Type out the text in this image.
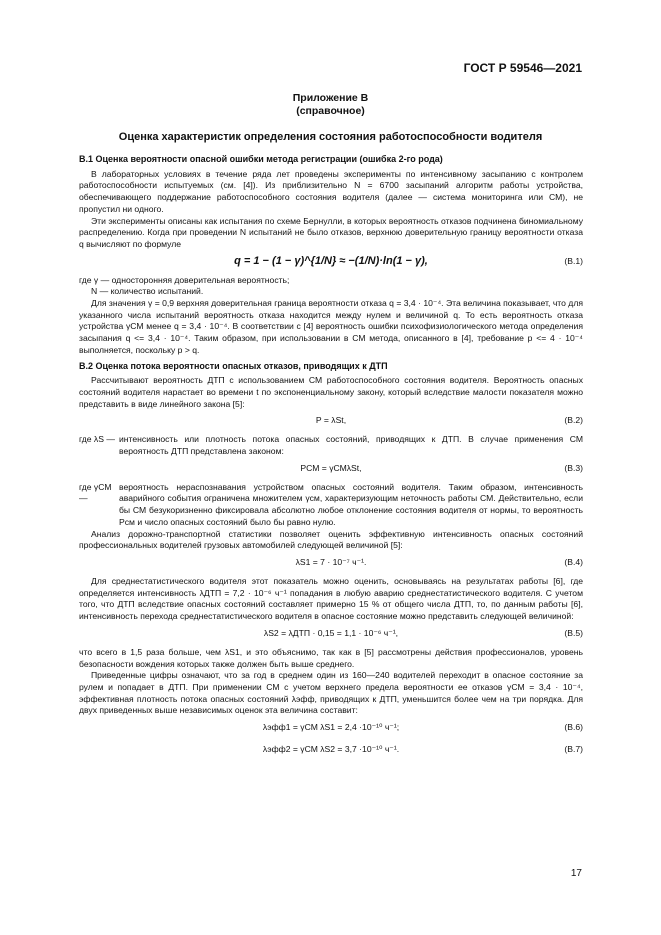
ГОСТ Р 59546—2021
Приложение В
(справочное)
Оценка характеристик определения состояния работоспособности водителя

В.1 Оценка вероятности опасной ошибки метода регистрации (ошибка 2-го рода)

В лабораторных условиях в течение ряда лет проведены эксперименты по интенсивному засыпанию с контролем работоспособности испытуемых (см. [4]). Из приблизительно N = 6700 засыпаний алгоритм работы устройства, обеспечивающего поддержание работоспособного состояния водителя (далее — система мониторинга или СМ), не пропустил ни одного.

Эти эксперименты описаны как испытания по схеме Бернулли, в которых вероятность отказов подчинена биномиальному распределению. Когда при проведении N испытаний не было отказов, верхнюю доверительную границу вероятности отказа q вычисляют по формуле

q = 1 − (1 − γ)^{1/N} ≈ −(1/N)·ln(1 − γ),	(В.1)

где γ — односторонняя доверительная вероятность;

N — количество испытаний.

Для значения γ = 0,9 верхняя доверительная граница вероятности отказа q = 3,4 · 10⁻⁴. Эта величина показывает, что для указанного числа испытаний вероятность отказа находится между нулем и величиной q. То есть вероятность отказа устройства γСМ менее q = 3,4 · 10⁻⁴. В соответствии с [4] вероятность ошибки психофизиологического метода определения засыпания q <= 3,4 · 10⁻⁴. Таким образом, при использовании в СМ метода, описанного в [4], требование p <= 4 · 10⁻⁴ выполняется, поскольку p > q.

В.2 Оценка потока вероятности опасных отказов, приводящих к ДТП

Рассчитывают вероятность ДТП с использованием СМ работоспособного состояния водителя. Вероятность опасных состояний водителя нарастает во времени t по экспоненциальному закону, который вследствие малости показателя можно представить в виде линейного закона [5]:

P = λSt,	(В.2)
где λS — интенсивность или плотность потока опасных состояний, приводящих к ДТП. В случае применения СМ вероятность ДТП представлена законом:
PСМ = γСМλSt,	(В.3)
где γСМ —
вероятность нераспознавания устройством опасных состояний водителя. Таким образом, интенсивность аварийного события ограничена множителем γсм, характеризующим неточность работы СМ. Действительно, если бы СМ безукоризненно фиксировала абсолютно любое отклонение состояния водителя от нормы, то вероятность Pсм и число опасных состояний было бы равно нулю.

Анализ дорожно-транспортной статистики позволяет оценить эффективную интенсивность опасных состояний профессиональных водителей грузовых автомобилей следующей величиной [5]:

λS1 = 7 · 10⁻⁷ ч⁻¹.	(В.4)

Для среднестатистического водителя этот показатель можно оценить, основываясь на результатах работы [6], где определяется интенсивность λДТП = 7,2 · 10⁻⁶ ч⁻¹ попадания в любую аварию среднестатистического водителя. С учетом того, что ДТП вследствие опасных состояний составляет примерно 15 % от общего числа ДТП, то, по данным работы [6], интенсивность перехода среднестатистического водителя в опасное состояние можно представить следующей величиной:

λS2 = λДТП · 0,15 = 1,1 · 10⁻⁶ ч⁻¹,	(В.5)

что всего в 1,5 раза больше, чем λS1, и это объяснимо, так как в [5] рассмотрены действия профессионалов, уровень безопасности вождения которых также должен быть выше среднего.

Приведенные цифры означают, что за год в среднем один из 160—240 водителей переходит в опасное состояние за рулем и попадает в ДТП. При применении СМ с учетом верхнего предела вероятности ее отказов γСМ = 3,4 · 10⁻⁴, эффективная плотность потока опасных состояний λэфф, приводящих к ДТП, уменьшится более чем на три порядка. Для двух приведенных выше независимых оценок эта величина составит:

λэфф1 = γСМ λS1 = 2,4 ·10⁻¹⁰ ч⁻¹;	(В.6)
λэфф2 = γСМ λS2 = 3,7 ·10⁻¹⁰ ч⁻¹.	(В.7)
17
